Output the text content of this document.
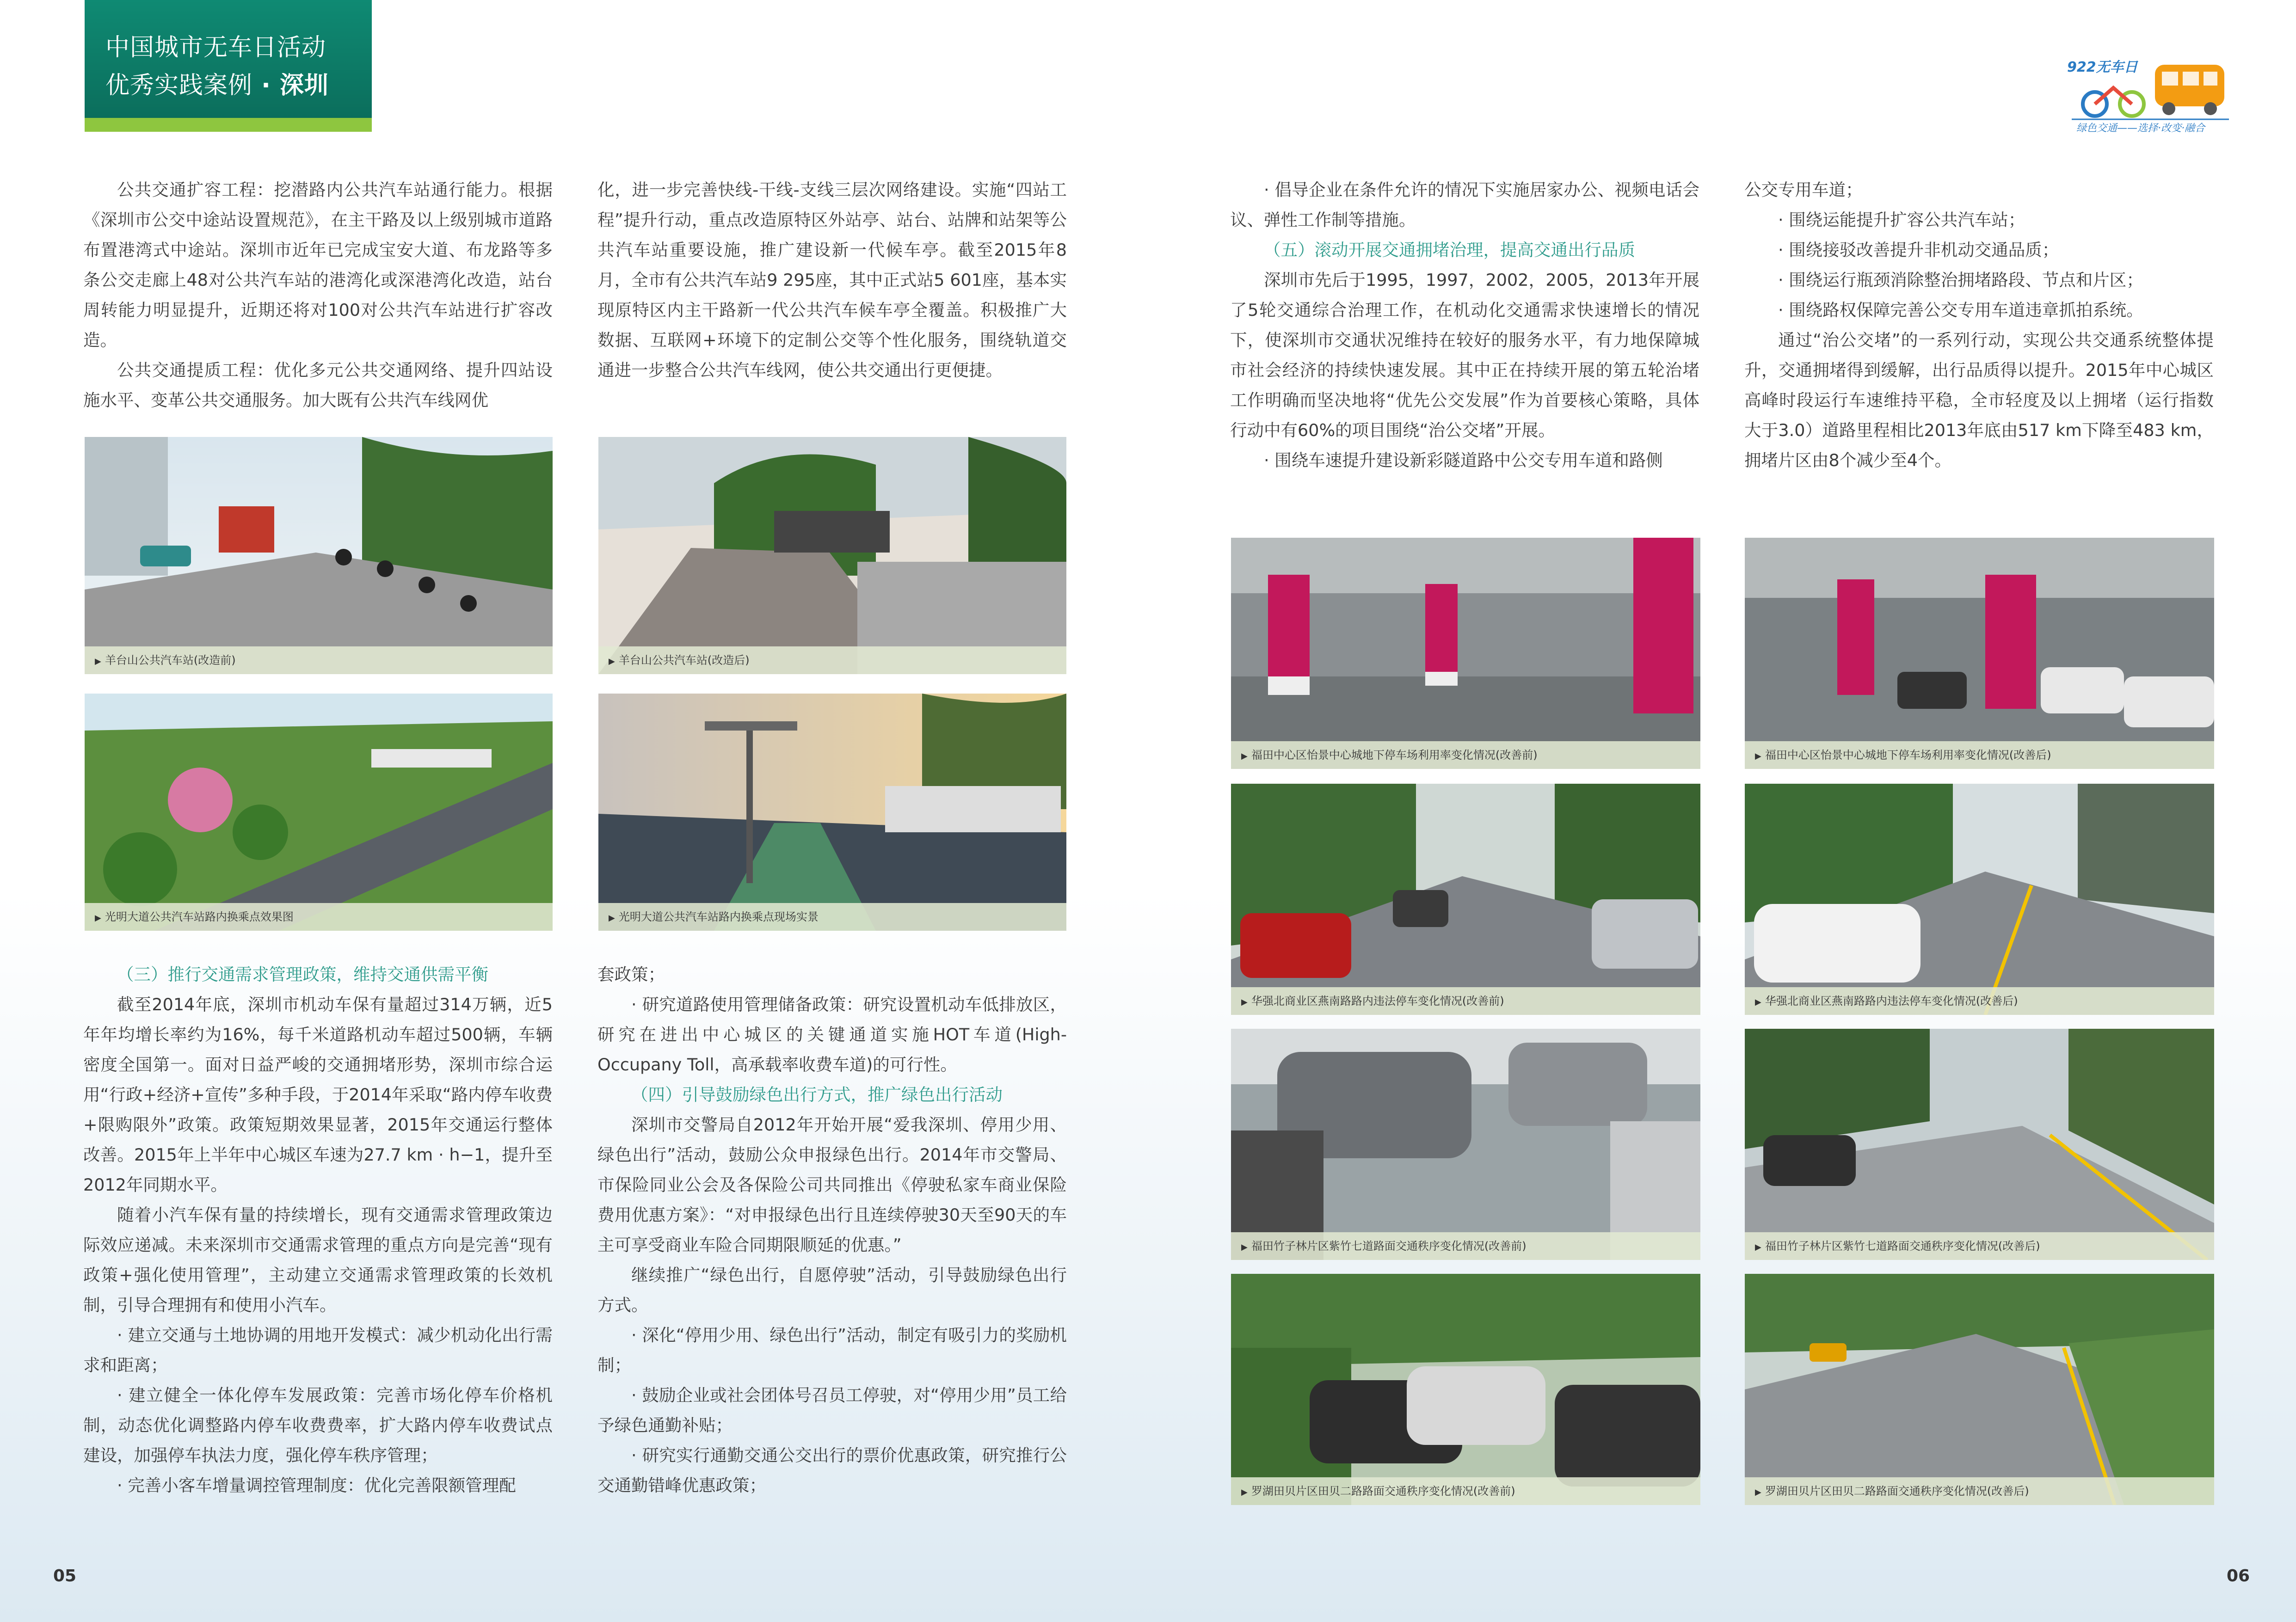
中国城市无车日活动
优秀实践案例 · 深圳
922无车日
绿色交通——选择·改变·融合

公共交通扩容工程：挖潜路内公共汽车站通行能力。根据《深圳市公交中途站设置规范》，在主干路及以上级别城市道路布置港湾式中途站。深圳市近年已完成宝安大道、布龙路等多条公交走廊上48对公共汽车站的港湾化或深港湾化改造，站台周转能力明显提升，近期还将对100对公共汽车站进行扩容改造。

公共交通提质工程：优化多元公共交通网络、提升四站设施水平、变革公共交通服务。加大既有公共汽车线网优

化，进一步完善快线-干线-支线三层次网络建设。实施“四站工程”提升行动，重点改造原特区外站亭、站台、站牌和站架等公共汽车站重要设施，推广建设新一代候车亭。截至2015年8月，全市有公共汽车站9 295座，其中正式站5 601座，基本实现原特区内主干路新一代公共汽车候车亭全覆盖。积极推广大数据、互联网+环境下的定制公交等个性化服务，围绕轨道交通进一步整合公共汽车线网，使公共交通出行更便捷。

▶ 羊台山公共汽车站(改造前)	▶ 羊台山公共汽车站(改造后)
▶ 光明大道公共汽车站路内换乘点效果图	▶ 光明大道公共汽车站路内换乘点现场实景
（三）推行交通需求管理政策，维持交通供需平衡

截至2014年底，深圳市机动车保有量超过314万辆，近5年年均增长率约为16%，每千米道路机动车超过500辆，车辆密度全国第一。面对日益严峻的交通拥堵形势，深圳市综合运用“行政+经济+宣传”多种手段，于2014年采取“路内停车收费+限购限外”政策。政策短期效果显著，2015年交通运行整体改善。2015年上半年中心城区车速为27.7 km · h−1，提升至2012年同期水平。

随着小汽车保有量的持续增长，现有交通需求管理政策边际效应递减。未来深圳市交通需求管理的重点方向是完善“现有政策+强化使用管理”，主动建立交通需求管理政策的长效机制，引导合理拥有和使用小汽车。

· 建立交通与土地协调的用地开发模式：减少机动化出行需求和距离；

· 建立健全一体化停车发展政策：完善市场化停车价格机制，动态优化调整路内停车收费费率，扩大路内停车收费试点建设，加强停车执法力度，强化停车秩序管理；

· 完善小客车增量调控管理制度：优化完善限额管理配

套政策；

· 研究道路使用管理储备政策：研究设置机动车低排放区，研究在进出中心城区的关键通道实施HOT车道(High-Occupany Toll，高承载率收费车道)的可行性。

（四）引导鼓励绿色出行方式，推广绿色出行活动

深圳市交警局自2012年开始开展“爱我深圳、停用少用、绿色出行”活动，鼓励公众申报绿色出行。2014年市交警局、市保险同业公会及各保险公司共同推出《停驶私家车商业保险费用优惠方案》：“对申报绿色出行且连续停驶30天至90天的车主可享受商业车险合同期限顺延的优惠。”

继续推广“绿色出行，自愿停驶”活动，引导鼓励绿色出行方式。

· 深化“停用少用、绿色出行”活动，制定有吸引力的奖励机制；

· 鼓励企业或社会团体号召员工停驶，对“停用少用”员工给予绿色通勤补贴；

· 研究实行通勤交通公交出行的票价优惠政策，研究推行公交通勤错峰优惠政策；

· 倡导企业在条件允许的情况下实施居家办公、视频电话会议、弹性工作制等措施。

（五）滚动开展交通拥堵治理，提高交通出行品质

深圳市先后于1995，1997，2002，2005，2013年开展了5轮交通综合治理工作，在机动化交通需求快速增长的情况下，使深圳市交通状况维持在较好的服务水平，有力地保障城市社会经济的持续快速发展。其中正在持续开展的第五轮治堵工作明确而坚决地将“优先公交发展”作为首要核心策略，具体行动中有60%的项目围绕“治公交堵”开展。

· 围绕车速提升建设新彩隧道路中公交专用车道和路侧

公交专用车道；

· 围绕运能提升扩容公共汽车站；

· 围绕接驳改善提升非机动交通品质；

· 围绕运行瓶颈消除整治拥堵路段、节点和片区；

· 围绕路权保障完善公交专用车道违章抓拍系统。

通过“治公交堵”的一系列行动，实现公共交通系统整体提升，交通拥堵得到缓解，出行品质得以提升。2015年中心城区高峰时段运行车速维持平稳，全市轻度及以上拥堵（运行指数大于3.0）道路里程相比2013年底由517 km下降至483 km，拥堵片区由8个减少至4个。

▶ 福田中心区怡景中心城地下停车场利用率变化情况(改善前)	▶ 福田中心区怡景中心城地下停车场利用率变化情况(改善后)
▶ 华强北商业区燕南路路内违法停车变化情况(改善前)	▶ 华强北商业区燕南路路内违法停车变化情况(改善后)
▶ 福田竹子林片区紫竹七道路面交通秩序变化情况(改善前)	▶ 福田竹子林片区紫竹七道路面交通秩序变化情况(改善后)
▶ 罗湖田贝片区田贝二路路面交通秩序变化情况(改善前)	▶ 罗湖田贝片区田贝二路路面交通秩序变化情况(改善后)
05	06
